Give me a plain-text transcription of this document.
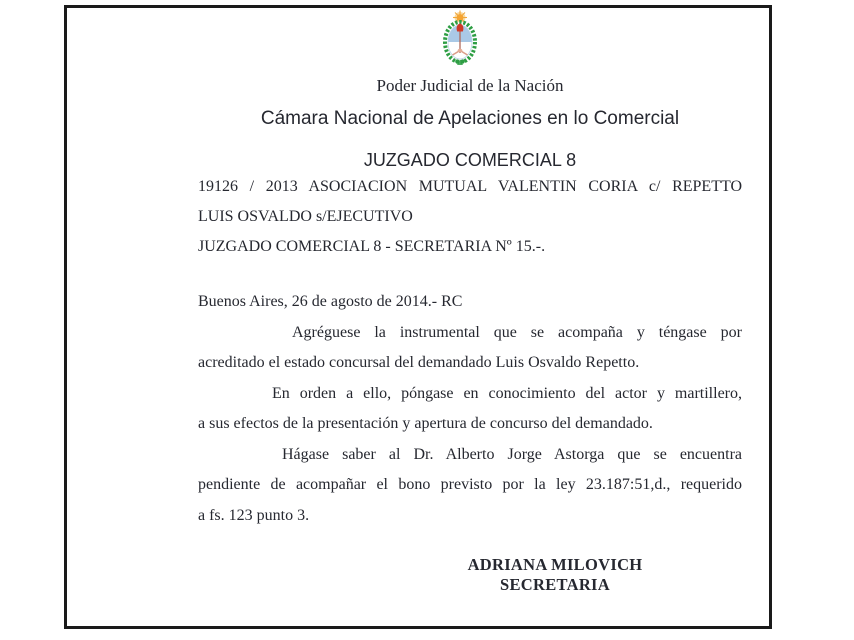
Poder Judicial de la Nación
Cámara Nacional de Apelaciones en lo Comercial
JUZGADO COMERCIAL 8
19126 / 2013 ASOCIACION MUTUAL VALENTIN CORIA c/ REPETTO
LUIS OSVALDO s/EJECUTIVO
JUZGADO COMERCIAL 8 - SECRETARIA Nº 15.-.
Buenos Aires, 26 de agosto de 2014.- RC
Agréguese la instrumental que se acompaña y téngase por
acreditado el estado concursal del demandado Luis Osvaldo Repetto.
En orden a ello, póngase en conocimiento del actor y martillero,
a sus efectos de la presentación y apertura de concurso del demandado.
Hágase saber al Dr. Alberto Jorge Astorga que se encuentra
pendiente de acompañar el bono previsto por la ley 23.187:51,d., requerido
a fs. 123 punto 3.
ADRIANA MILOVICH
SECRETARIA
